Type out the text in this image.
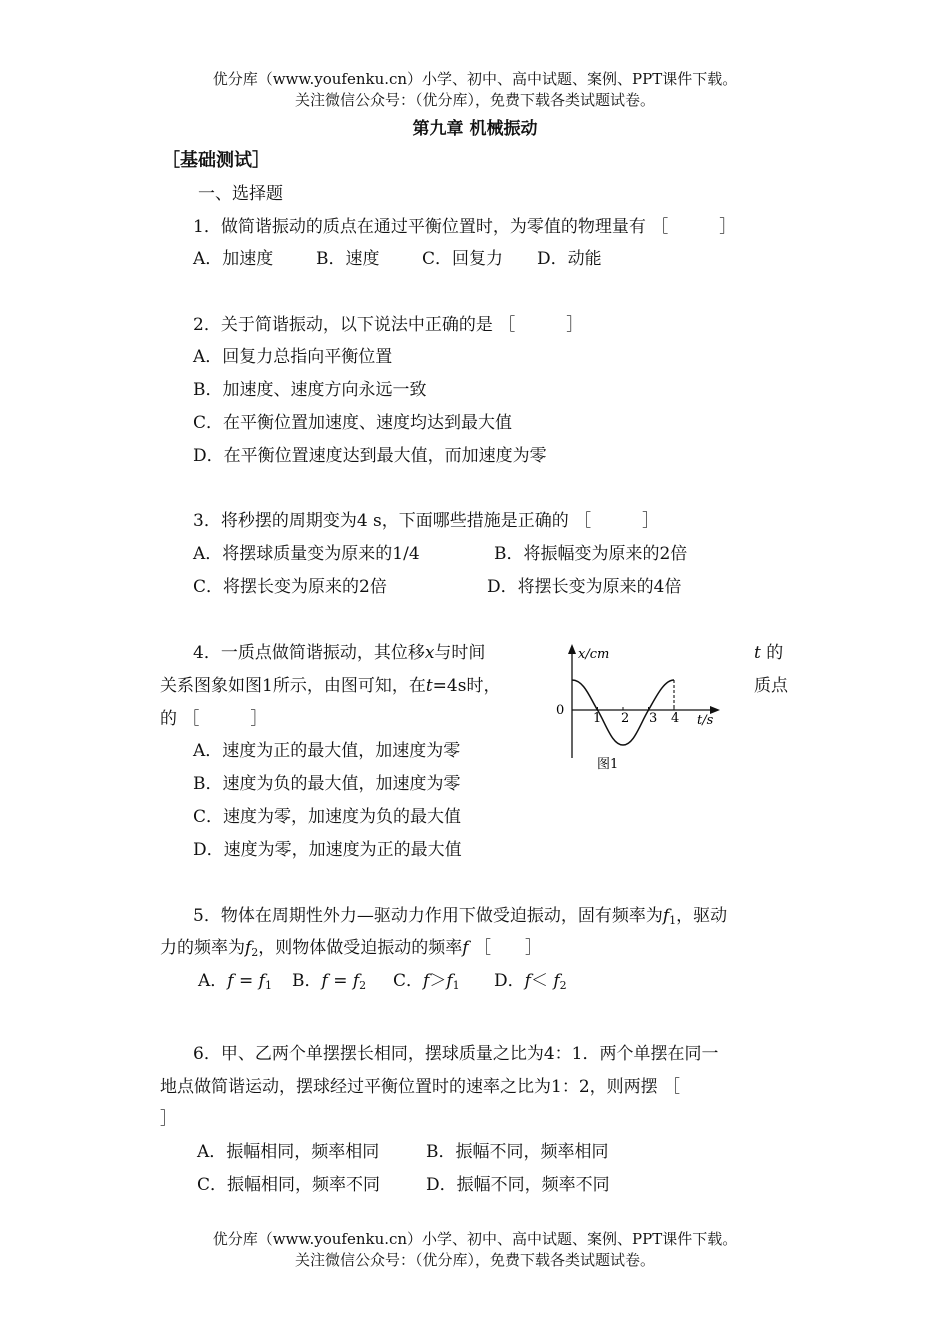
优分库（www.youfenku.cn）小学、初中、高中试题、案例、PPT课件下载。
关注微信公众号：（优分库），免费下载各类试题试卷。
第九章 机械振动
［基础测试］
一、选择题
1．做简谐振动的质点在通过平衡位置时，为零值的物理量有 ［　　　］
A．加速度	B．速度	C．回复力 D．动能
2．关于简谐振动，以下说法中正确的是 ［　　　］
A．回复力总指向平衡位置
B．加速度、速度方向永远一致
C．在平衡位置加速度、速度均达到最大值
D．在平衡位置速度达到最大值，而加速度为零
3．将秒摆的周期变为4 s，下面哪些措施是正确的 ［　　　］
A．将摆球质量变为原来的1/4	B．将振幅变为原来的2倍
C．将摆长变为原来的2倍	D．将摆长变为原来的4倍
4．一质点做简谐振动，其位移x与时间	t 的
关系图象如图1所示，由图可知，在t=4s时，	质点
的 ［　　　］
A．速度为正的最大值，加速度为零
B．速度为负的最大值，加速度为零
C．速度为零，加速度为负的最大值
D．速度为零，加速度为正的最大值
x/cm
0
1 2 3 4 t/s
图1
5．物体在周期性外力—驱动力作用下做受迫振动，固有频率为$f_1$，驱动
力的频率为$f_2$，则物体做受迫振动的频率f ［　　］
A．$f = f_1$ B．$f = f_2$ C．$f>f_1$ D．$f< f_2$
6．甲、乙两个单摆摆长相同，摆球质量之比为4：1．两个单摆在同一
地点做简谐运动，摆球经过平衡位置时的速率之比为1：2，则两摆 ［
］
A．振幅相同，频率相同	B．振幅不同，频率相同
C．振幅相同，频率不同	D．振幅不同，频率不同
优分库（www.youfenku.cn）小学、初中、高中试题、案例、PPT课件下载。
关注微信公众号：（优分库），免费下载各类试题试卷。
